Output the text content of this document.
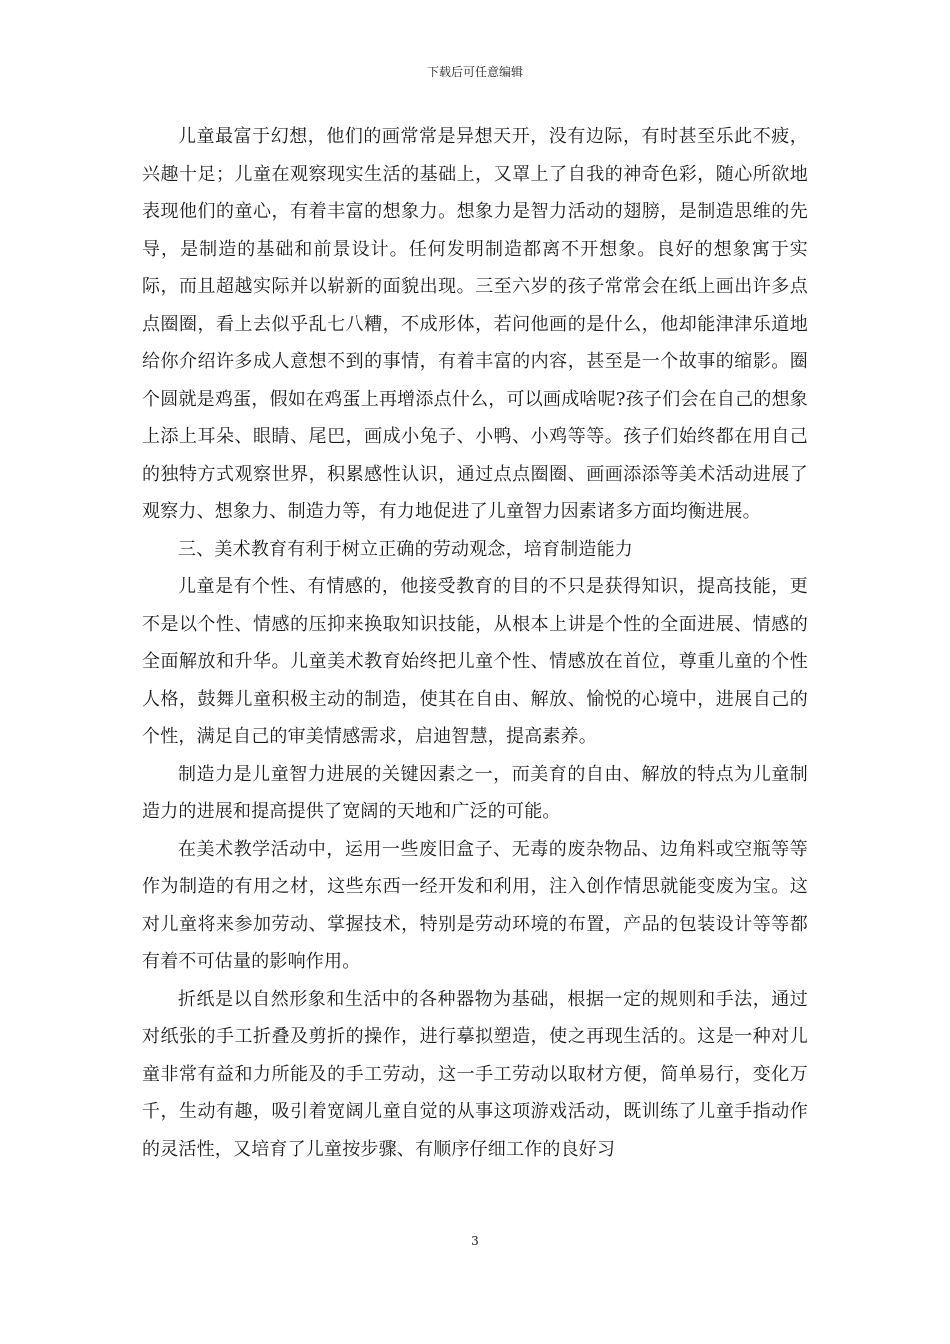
下载后可任意编辑

儿童最富于幻想，他们的画常常是异想天开，没有边际，有时甚至乐此不疲，兴趣十足；儿童在观察现实生活的基础上，又罩上了自我的神奇色彩，随心所欲地表现他们的童心，有着丰富的想象力。想象力是智力活动的翅膀，是制造思维的先导，是制造的基础和前景设计。任何发明制造都离不开想象。良好的想象寓于实际，而且超越实际并以崭新的面貌出现。三至六岁的孩子常常会在纸上画出许多点点圈圈，看上去似乎乱七八糟，不成形体，若问他画的是什么，他却能津津乐道地给你介绍许多成人意想不到的事情，有着丰富的内容，甚至是一个故事的缩影。圈个圆就是鸡蛋，假如在鸡蛋上再增添点什么，可以画成啥呢?孩子们会在自己的想象上添上耳朵、眼睛、尾巴，画成小兔子、小鸭、小鸡等等。孩子们始终都在用自己的独特方式观察世界，积累感性认识，通过点点圈圈、画画添添等美术活动进展了观察力、想象力、制造力等，有力地促进了儿童智力因素诸多方面均衡进展。

三、美术教育有利于树立正确的劳动观念，培育制造能力

儿童是有个性、有情感的，他接受教育的目的不只是获得知识，提高技能，更不是以个性、情感的压抑来换取知识技能，从根本上讲是个性的全面进展、情感的全面解放和升华。儿童美术教育始终把儿童个性、情感放在首位，尊重儿童的个性人格，鼓舞儿童积极主动的制造，使其在自由、解放、愉悦的心境中，进展自己的个性，满足自己的审美情感需求，启迪智慧，提高素养。

制造力是儿童智力进展的关键因素之一，而美育的自由、解放的特点为儿童制造力的进展和提高提供了宽阔的天地和广泛的可能。

在美术教学活动中，运用一些废旧盒子、无毒的废杂物品、边角料或空瓶等等作为制造的有用之材，这些东西一经开发和利用，注入创作情思就能变废为宝。这对儿童将来参加劳动、掌握技术，特别是劳动环境的布置，产品的包装设计等等都有着不可估量的影响作用。

折纸是以自然形象和生活中的各种器物为基础，根据一定的规则和手法，通过对纸张的手工折叠及剪折的操作，进行摹拟塑造，使之再现生活的。这是一种对儿童非常有益和力所能及的手工劳动，这一手工劳动以取材方便，简单易行，变化万千，生动有趣，吸引着宽阔儿童自觉的从事这项游戏活动，既训练了儿童手指动作的灵活性，又培育了儿童按步骤、有顺序仔细工作的良好习

3
